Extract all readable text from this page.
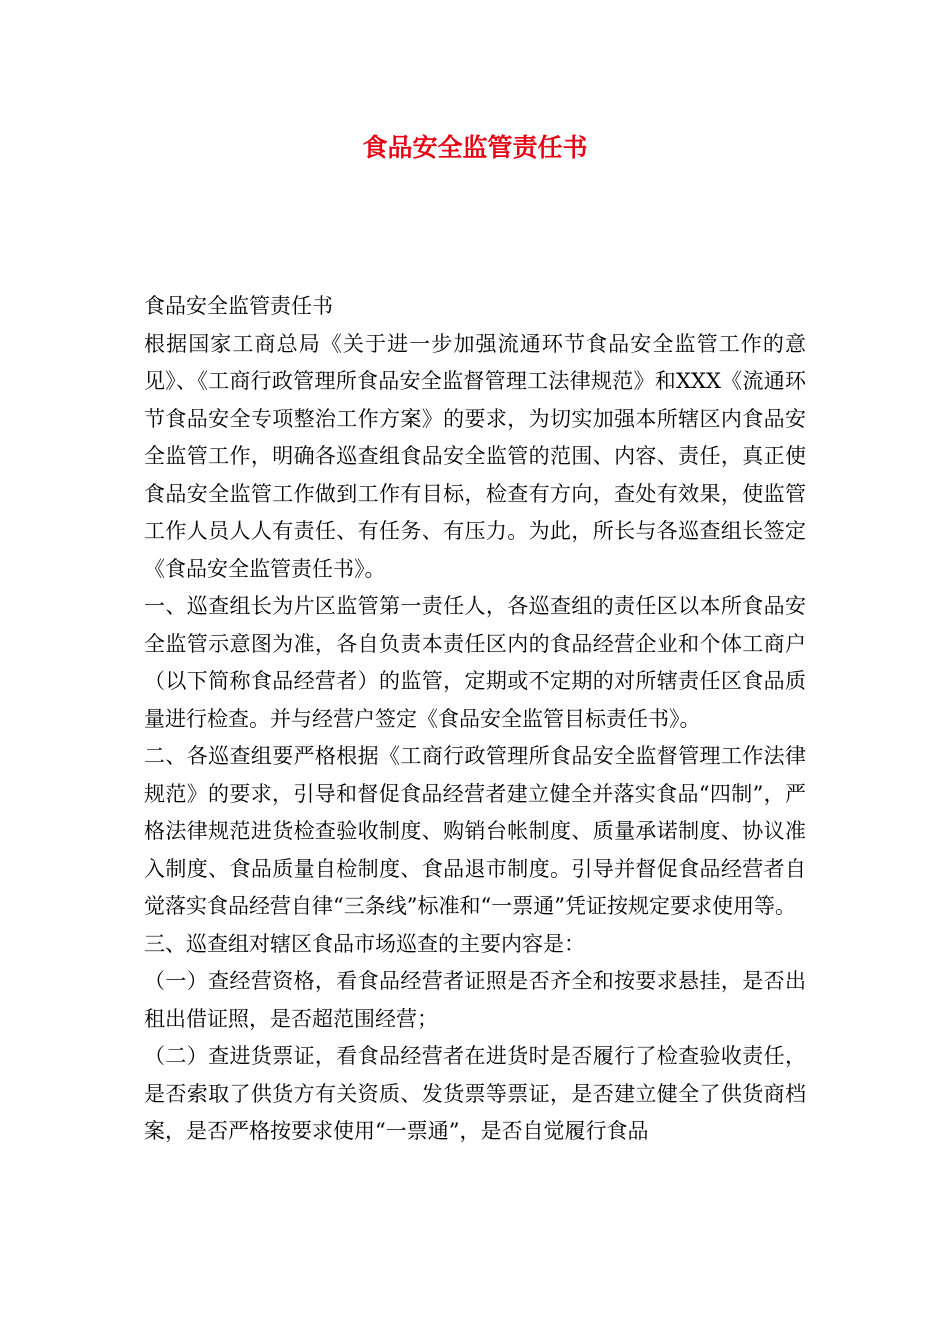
食品安全监管责任书

食品安全监管责任书

根据国家工商总局《关于进一步加强流通环节食品安全监管工作的意见》、《工商行政管理所食品安全监督管理工法律规范》和XXX《流通环节食品安全专项整治工作方案》的要求，为切实加强本所辖区内食品安全监管工作，明确各巡查组食品安全监管的范围、内容、责任，真正使食品安全监管工作做到工作有目标，检查有方向，查处有效果，使监管工作人员人人有责任、有任务、有压力。为此，所长与各巡查组长签定《食品安全监管责任书》。

一、巡查组长为片区监管第一责任人，各巡查组的责任区以本所食品安全监管示意图为准，各自负责本责任区内的食品经营企业和个体工商户（以下简称食品经营者）的监管，定期或不定期的对所辖责任区食品质量进行检查。并与经营户签定《食品安全监管目标责任书》。

二、各巡查组要严格根据《工商行政管理所食品安全监督管理工作法律规范》的要求，引导和督促食品经营者建立健全并落实食品“四制”，严格法律规范进货检查验收制度、购销台帐制度、质量承诺制度、协议准入制度、食品质量自检制度、食品退市制度。引导并督促食品经营者自觉落实食品经营自律“三条线”标准和“一票通”凭证按规定要求使用等。

三、巡查组对辖区食品市场巡查的主要内容是：

（一）查经营资格，看食品经营者证照是否齐全和按要求悬挂，是否出租出借证照，是否超范围经营；

（二）查进货票证，看食品经营者在进货时是否履行了检查验收责任，是否索取了供货方有关资质、发货票等票证，是否建立健全了供货商档案，是否严格按要求使用“一票通”，是否自觉履行食品
